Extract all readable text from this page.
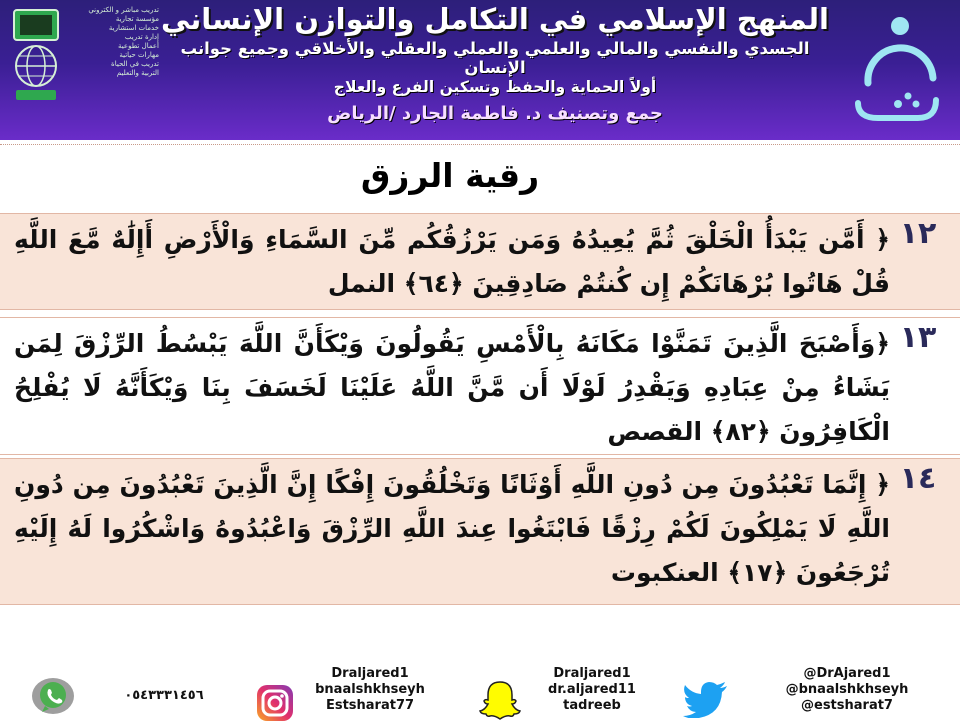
تدريب مباشر و الكتروني
مؤسسة تجارية
خدمات استشارية
إدارة تدريب
أعمال تطوعية
مهارات حياتية
تدريب في الحياة
التربية والتعليم
المنهج الإسلامي في التكامل والتوازن الإنساني
الجسدي والنفسي والمالي والعلمي والعملي والعقلي والأخلاقي وجميع جوانب الإنسان
أولاً الحماية والحفظ وتسكين الفرع والعلاج
جمع وتصنيف د. فاطمة الجارد /الرياض
رقية الرزق
١٢
﴿ أَمَّن يَبْدَأُ الْخَلْقَ ثُمَّ يُعِيدُهُ وَمَن يَرْزُقُكُم مِّنَ السَّمَاءِ وَالْأَرْضِ أَإِلَٰهٌ مَّعَ اللَّهِ قُلْ هَاتُوا بُرْهَانَكُمْ إِن كُنتُمْ صَادِقِينَ ﴿٦٤﴾ النمل
١٣
﴿وَأَصْبَحَ الَّذِينَ تَمَنَّوْا مَكَانَهُ بِالْأَمْسِ يَقُولُونَ وَيْكَأَنَّ اللَّهَ يَبْسُطُ الرِّزْقَ لِمَن يَشَاءُ مِنْ عِبَادِهِ وَيَقْدِرُ لَوْلَا أَن مَّنَّ اللَّهُ عَلَيْنَا لَخَسَفَ بِنَا وَيْكَأَنَّهُ لَا يُفْلِحُ الْكَافِرُونَ ﴿٨٢﴾ القصص
١٤
﴿ إِنَّمَا تَعْبُدُونَ مِن دُونِ اللَّهِ أَوْثَانًا وَتَخْلُقُونَ إِفْكًا إِنَّ الَّذِينَ تَعْبُدُونَ مِن دُونِ اللَّهِ لَا يَمْلِكُونَ لَكُمْ رِزْقًا فَابْتَغُوا عِندَ اللَّهِ الرِّزْقَ وَاعْبُدُوهُ وَاشْكُرُوا لَهُ إِلَيْهِ تُرْجَعُونَ ﴿١٧﴾ العنكبوت
٠٥٤٣٣٣١٤٥٦
Draljared1
bnaalshkhseyh
Estsharat77
Draljared1
dr.aljared11
tadreeb
@DrAjared1
@bnaalshkhseyh
@estsharat7
